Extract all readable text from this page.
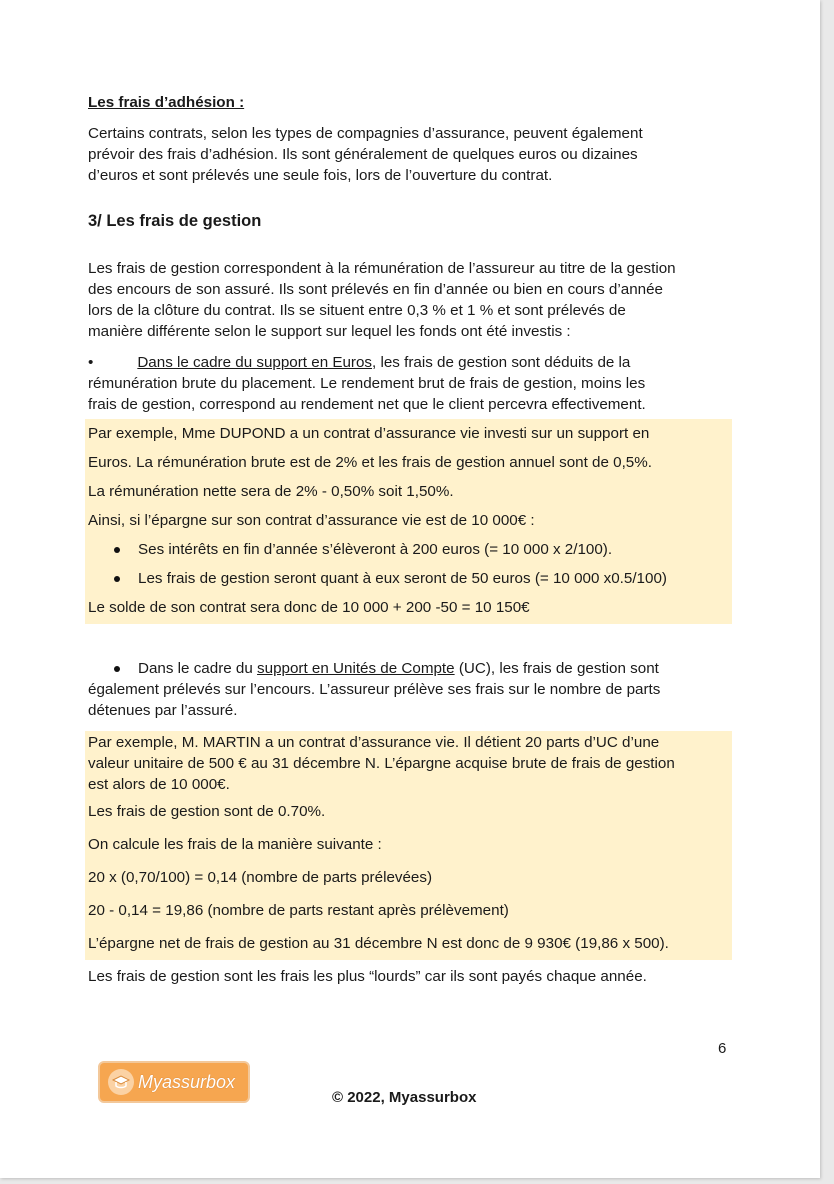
Les frais d’adhésion :

Certains contrats, selon les types de compagnies d’assurance, peuvent également
prévoir des frais d’adhésion. Ils sont généralement de quelques euros ou dizaines
d’euros et sont prélevés une seule fois, lors de l’ouverture du contrat.

3/ Les frais de gestion

Les frais de gestion correspondent à la rémunération de l’assureur au titre de la gestion
des encours de son assuré. Ils sont prélevés en fin d’année ou bien en cours d’année
lors de la clôture du contrat. Ils se situent entre 0,3 % et 1 % et sont prélevés de
manière différente selon le support sur lequel les fonds ont été investis :
•	Dans le cadre du support en Euros, les frais de gestion sont déduits de la
rémunération brute du placement. Le rendement brut de frais de gestion, moins les
frais de gestion, correspond au rendement net que le client percevra effectivement.
Par exemple, Mme DUPOND a un contrat d’assurance vie investi sur un support en
Euros. La rémunération brute est de 2% et les frais de gestion annuel sont de 0,5%.
La rémunération nette sera de 2% - 0,50% soit 1,50%.
Ainsi, si l’épargne sur son contrat d’assurance vie est de 10 000€ :
Ses intérêts en fin d’année s’élèveront à 200 euros (= 10 000 x 2/100).
Les frais de gestion seront quant à eux seront de 50 euros (= 10 000 x0.5/100)
Le solde de son contrat sera donc de 10 000 + 200 -50 = 10 150€
Dans le cadre du support en Unités de Compte (UC), les frais de gestion sont
également prélevés sur l’encours. L’assureur prélève ses frais sur le nombre de parts
détenues par l’assuré.
Par exemple, M. MARTIN a un contrat d’assurance vie. Il détient 20 parts d’UC d’une
valeur unitaire de 500 € au 31 décembre N. L’épargne acquise brute de frais de gestion
est alors de 10 000€.
Les frais de gestion sont de 0.70%.
On calcule les frais de la manière suivante :
20 x (0,70/100) = 0,14 (nombre de parts prélevées)
20 - 0,14 = 19,86 (nombre de parts restant après prélèvement)
L’épargne net de frais de gestion au 31 décembre N est donc de 9 930€ (19,86 x 500).
Les frais de gestion sont les frais les plus “lourds” car ils sont payés chaque année.
6
Myassurbox
© 2022, Myassurbox
